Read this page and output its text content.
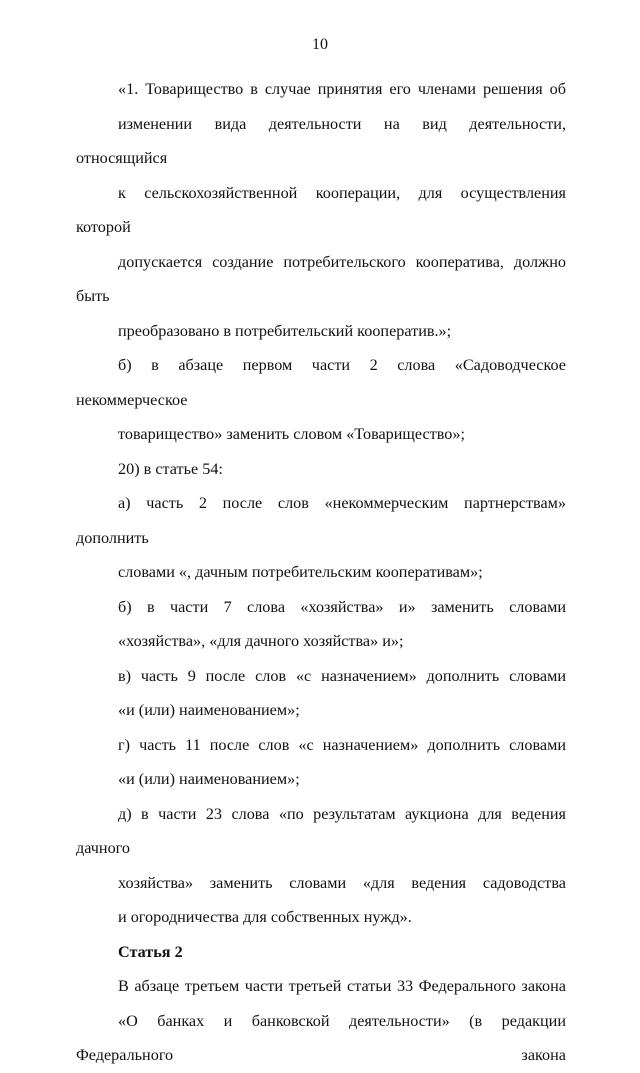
10
«1. Товарищество в случае принятия его членами решения об
изменении вида деятельности на вид деятельности, относящийся
к сельскохозяйственной кооперации, для осуществления которой
допускается создание потребительского кооператива, должно быть
преобразовано в потребительский кооператив.»;
б) в абзаце первом части 2 слова «Садоводческое некоммерческое
товарищество» заменить словом «Товарищество»;
20) в статье 54:
а) часть 2 после слов «некоммерческим партнерствам» дополнить
словами «, дачным потребительским кооперативам»;
б) в части 7 слова «хозяйства» и» заменить словами
«хозяйства», «для дачного хозяйства» и»;
в) часть 9 после слов «с назначением» дополнить словами
«и (или) наименованием»;
г) часть 11 после слов «с назначением» дополнить словами
«и (или) наименованием»;
д) в части 23 слова «по результатам аукциона для ведения дачного
хозяйства» заменить словами «для ведения садоводства
и огородничества для собственных нужд».
Статья 2
В абзаце третьем части третьей статьи 33 Федерального закона
«О банках и банковской деятельности» (в редакции Федерального закона
